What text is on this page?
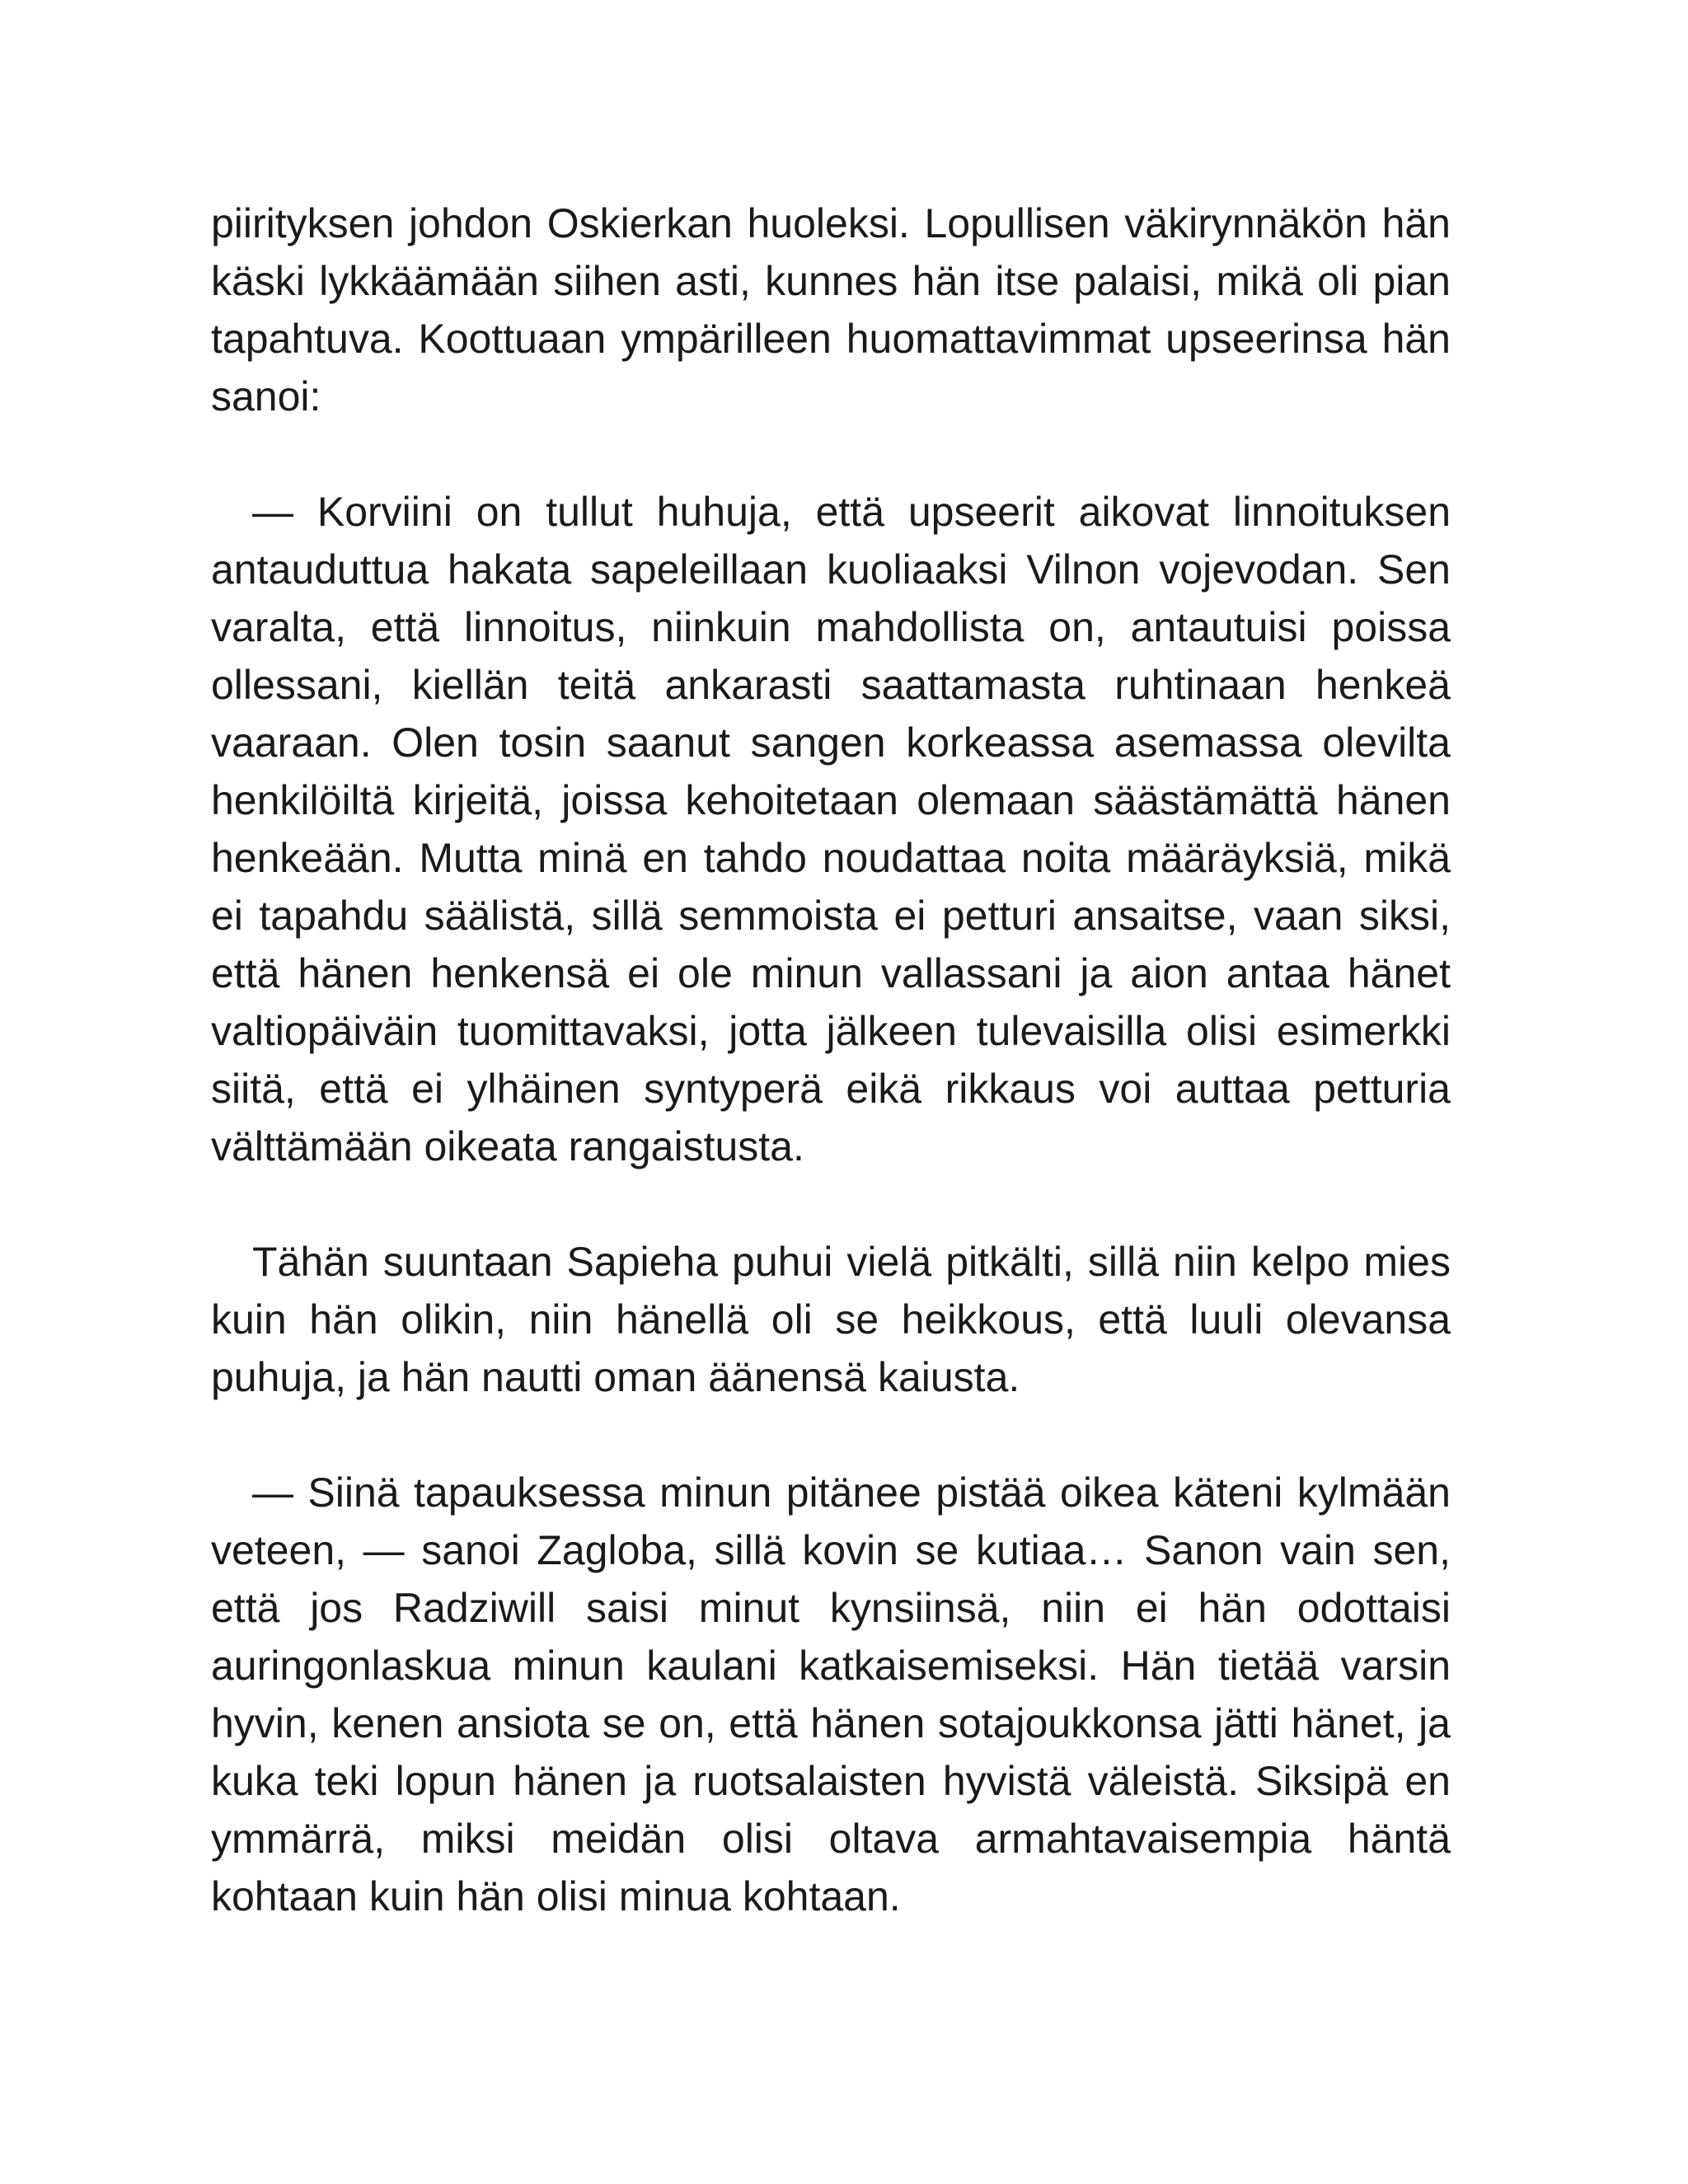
piirityksen johdon Oskierkan huoleksi. Lopullisen väkirynnäkön hän käski lykkäämään siihen asti, kunnes hän itse palaisi, mikä oli pian tapahtuva. Koottuaan ympärilleen huomattavimmat upseerinsa hän sanoi:

— Korviini on tullut huhuja, että upseerit aikovat linnoituksen antauduttua hakata sapeleillaan kuoliaaksi Vilnon vojevodan. Sen varalta, että linnoitus, niinkuin mahdollista on, antautuisi poissa ollessani, kiellän teitä ankarasti saattamasta ruhtinaan henkeä vaaraan. Olen tosin saanut sangen korkeassa asemassa olevilta henkilöiltä kirjeitä, joissa kehoitetaan olemaan säästämättä hänen henkeään. Mutta minä en tahdo noudattaa noita määräyksiä, mikä ei tapahdu säälistä, sillä semmoista ei petturi ansaitse, vaan siksi, että hänen henkensä ei ole minun vallassani ja aion antaa hänet valtiopäiväin tuomittavaksi, jotta jälkeen tulevaisilla olisi esimerkki siitä, että ei ylhäinen syntyperä eikä rikkaus voi auttaa petturia välttämään oikeata rangaistusta.

Tähän suuntaan Sapieha puhui vielä pitkälti, sillä niin kelpo mies kuin hän olikin, niin hänellä oli se heikkous, että luuli olevansa puhuja, ja hän nautti oman äänensä kaiusta.

— Siinä tapauksessa minun pitänee pistää oikea käteni kylmään veteen, — sanoi Zagloba, sillä kovin se kutiaa… Sanon vain sen, että jos Radziwill saisi minut kynsiinsä, niin ei hän odottaisi auringonlaskua minun kaulani katkaisemiseksi. Hän tietää varsin hyvin, kenen ansiota se on, että hänen sotajoukkonsa jätti hänet, ja kuka teki lopun hänen ja ruotsalaisten hyvistä väleistä. Siksipä en ymmärrä, miksi meidän olisi oltava armahtavaisempia häntä kohtaan kuin hän olisi minua kohtaan.
